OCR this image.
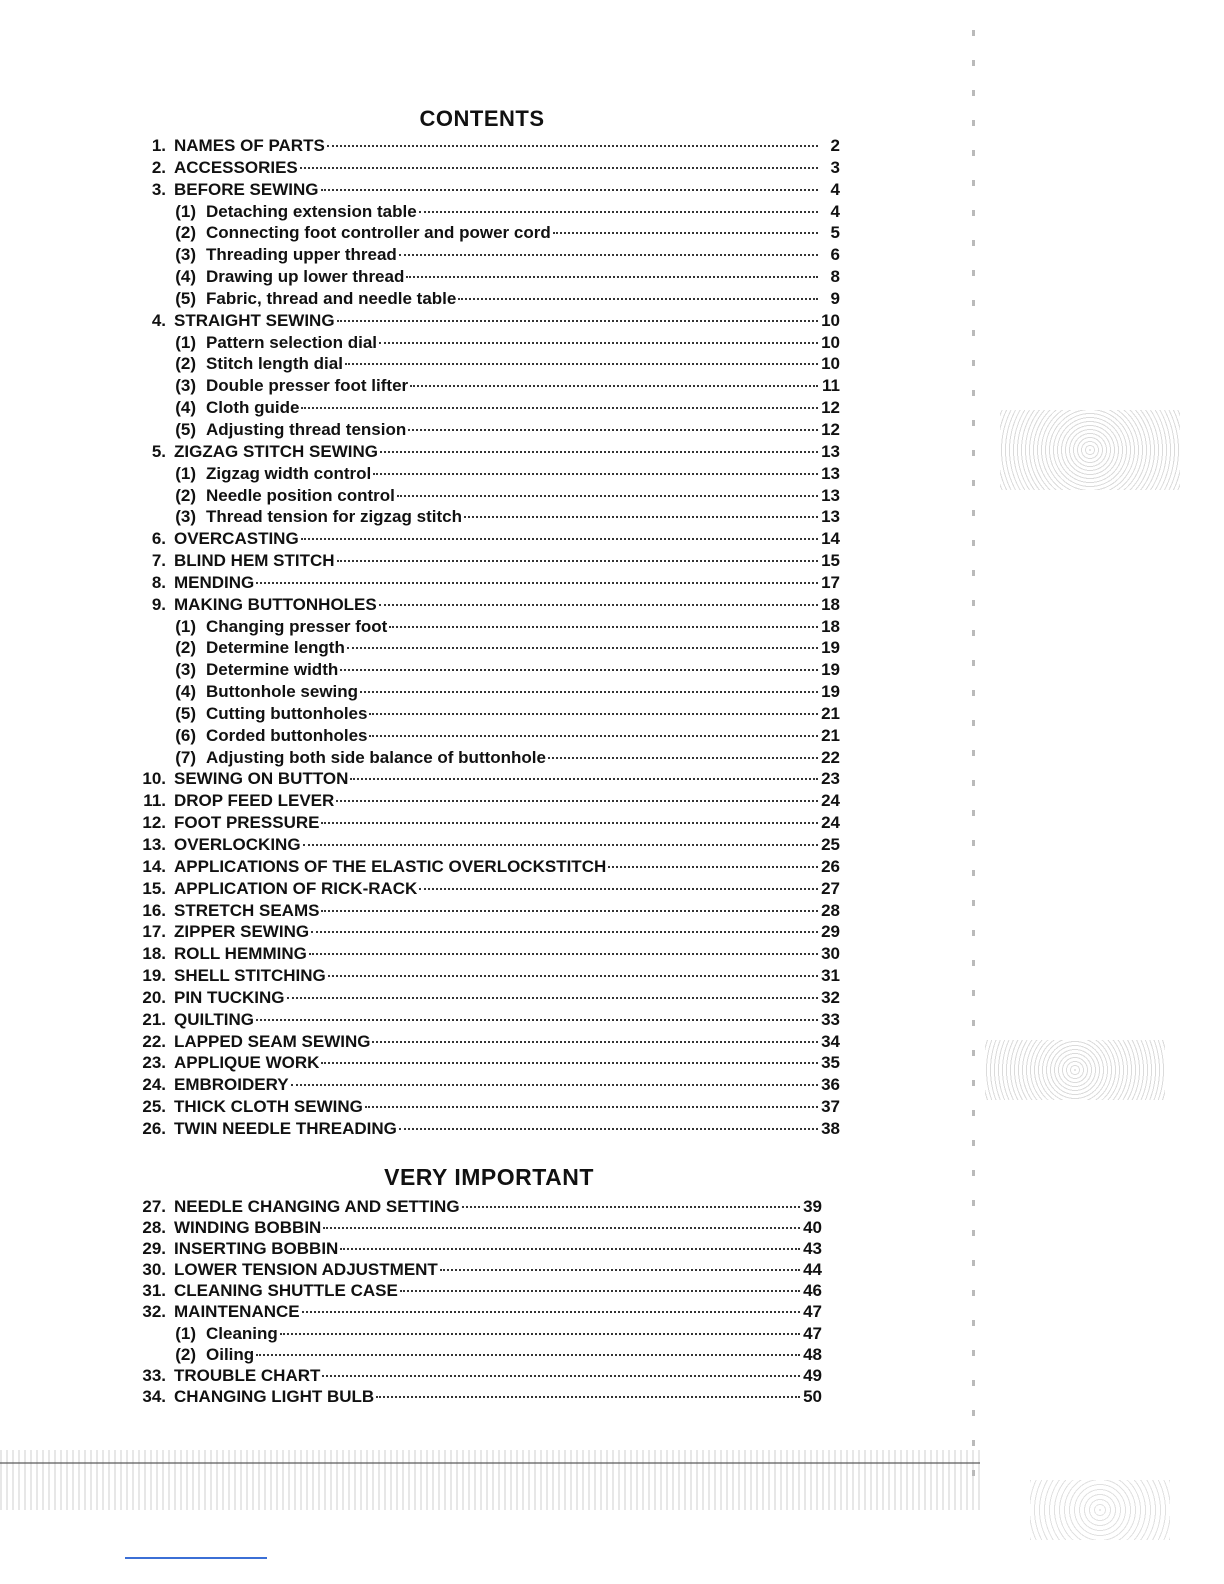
CONTENTS
1. NAMES OF PARTS	2
2. ACCESSORIES	3
3. BEFORE SEWING	4
(1) Detaching extension table	4
(2) Connecting foot controller and power cord	5
(3) Threading upper thread	6
(4) Drawing up lower thread	8
(5) Fabric, thread and needle table	9
4. STRAIGHT SEWING	10
(1) Pattern selection dial	10
(2) Stitch length dial	10
(3) Double presser foot lifter	11
(4) Cloth guide	12
(5) Adjusting thread tension	12
5. ZIGZAG STITCH SEWING	13
(1) Zigzag width control	13
(2) Needle position control	13
(3) Thread tension for zigzag stitch	13
6. OVERCASTING	14
7. BLIND HEM STITCH	15
8. MENDING	17
9. MAKING BUTTONHOLES	18
(1) Changing presser foot	18
(2) Determine length	19
(3) Determine width	19
(4) Buttonhole sewing	19
(5) Cutting buttonholes	21
(6) Corded buttonholes	21
(7) Adjusting both side balance of buttonhole	22
10. SEWING ON BUTTON	23
11. DROP FEED LEVER	24
12. FOOT PRESSURE	24
13. OVERLOCKING	25
14. APPLICATIONS OF THE ELASTIC OVERLOCKSTITCH	26
15. APPLICATION OF RICK-RACK	27
16. STRETCH SEAMS	28
17. ZIPPER SEWING	29
18. ROLL HEMMING	30
19. SHELL STITCHING	31
20. PIN TUCKING	32
21. QUILTING	33
22. LAPPED SEAM SEWING	34
23. APPLIQUE WORK	35
24. EMBROIDERY	36
25. THICK CLOTH SEWING	37
26. TWIN NEEDLE THREADING	38
VERY IMPORTANT
27. NEEDLE CHANGING AND SETTING	39
28. WINDING BOBBIN	40
29. INSERTING BOBBIN	43
30. LOWER TENSION ADJUSTMENT	44
31. CLEANING SHUTTLE CASE	46
32. MAINTENANCE	47
(1) Cleaning	47
(2) Oiling	48
33. TROUBLE CHART	49
34. CHANGING LIGHT BULB	50
